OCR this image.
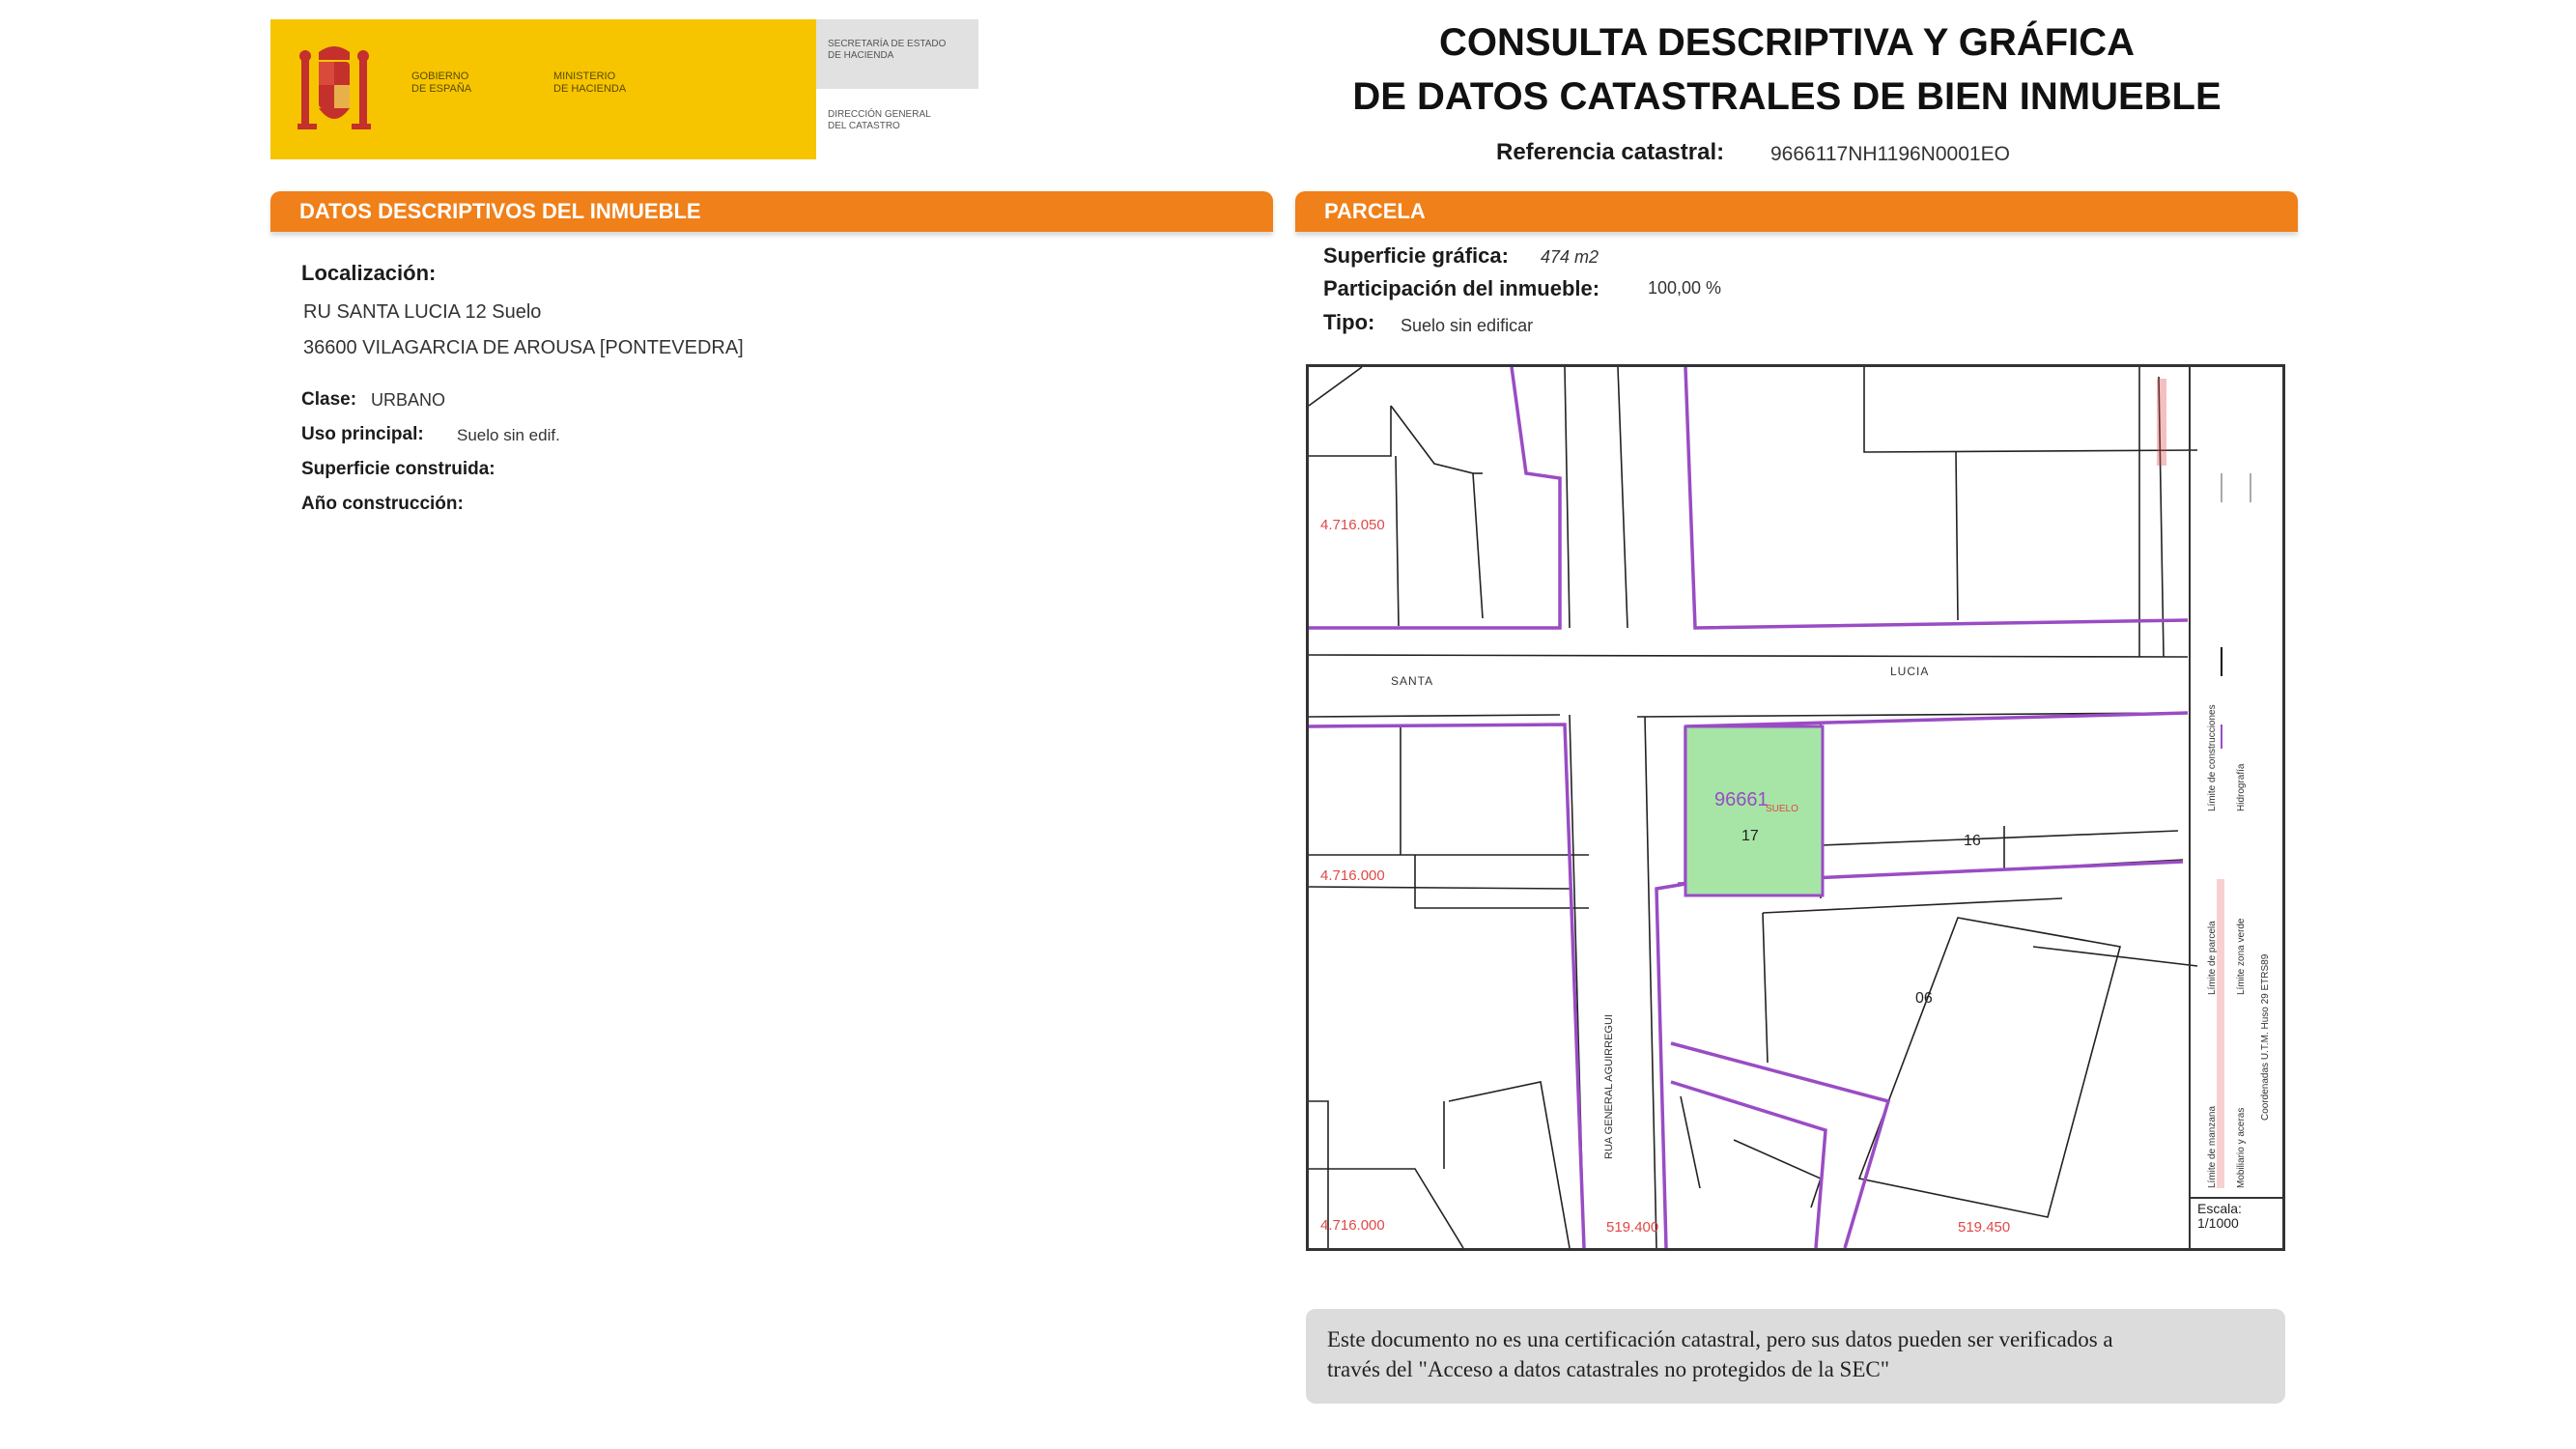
GOBIERNO
DE ESPAÑA
MINISTERIO
DE HACIENDA
SECRETARÍA DE ESTADO
DE HACIENDA
DIRECCIÓN GENERAL
DEL CATASTRO
CONSULTA DESCRIPTIVA Y GRÁFICA
DE DATOS CATASTRALES DE BIEN INMUEBLE
Referencia catastral: 9666117NH1196N0001EO
DATOS DESCRIPTIVOS DEL INMUEBLE
Localización:
RU SANTA LUCIA 12 Suelo
36600 VILAGARCIA DE AROUSA [PONTEVEDRA]
Clase: URBANO
Uso principal: Suelo sin edif.
Superficie construida:
Año construcción:
PARCELA
Superficie gráfica: 474 m2
Participación del inmueble:	100,00 %
Tipo: Suelo sin edificar
4.716.050
4.716.000
4.716.000	519.400	519.450
SANTA
LUCIA
RUA GENERAL AGUIRREGUI
96661
SUELO
17	16
06
Límite de manzana
Límite de parcela
Límite de construcciones
Mobiliario y aceras
Límite zona verde
Hidrografía
Coordenadas U.T.M. Huso 29 ETRS89
Escala:
1/1000
Este documento no es una certificación catastral, pero sus datos pueden ser verificados a
través del "Acceso a datos catastrales no protegidos de la SEC"
